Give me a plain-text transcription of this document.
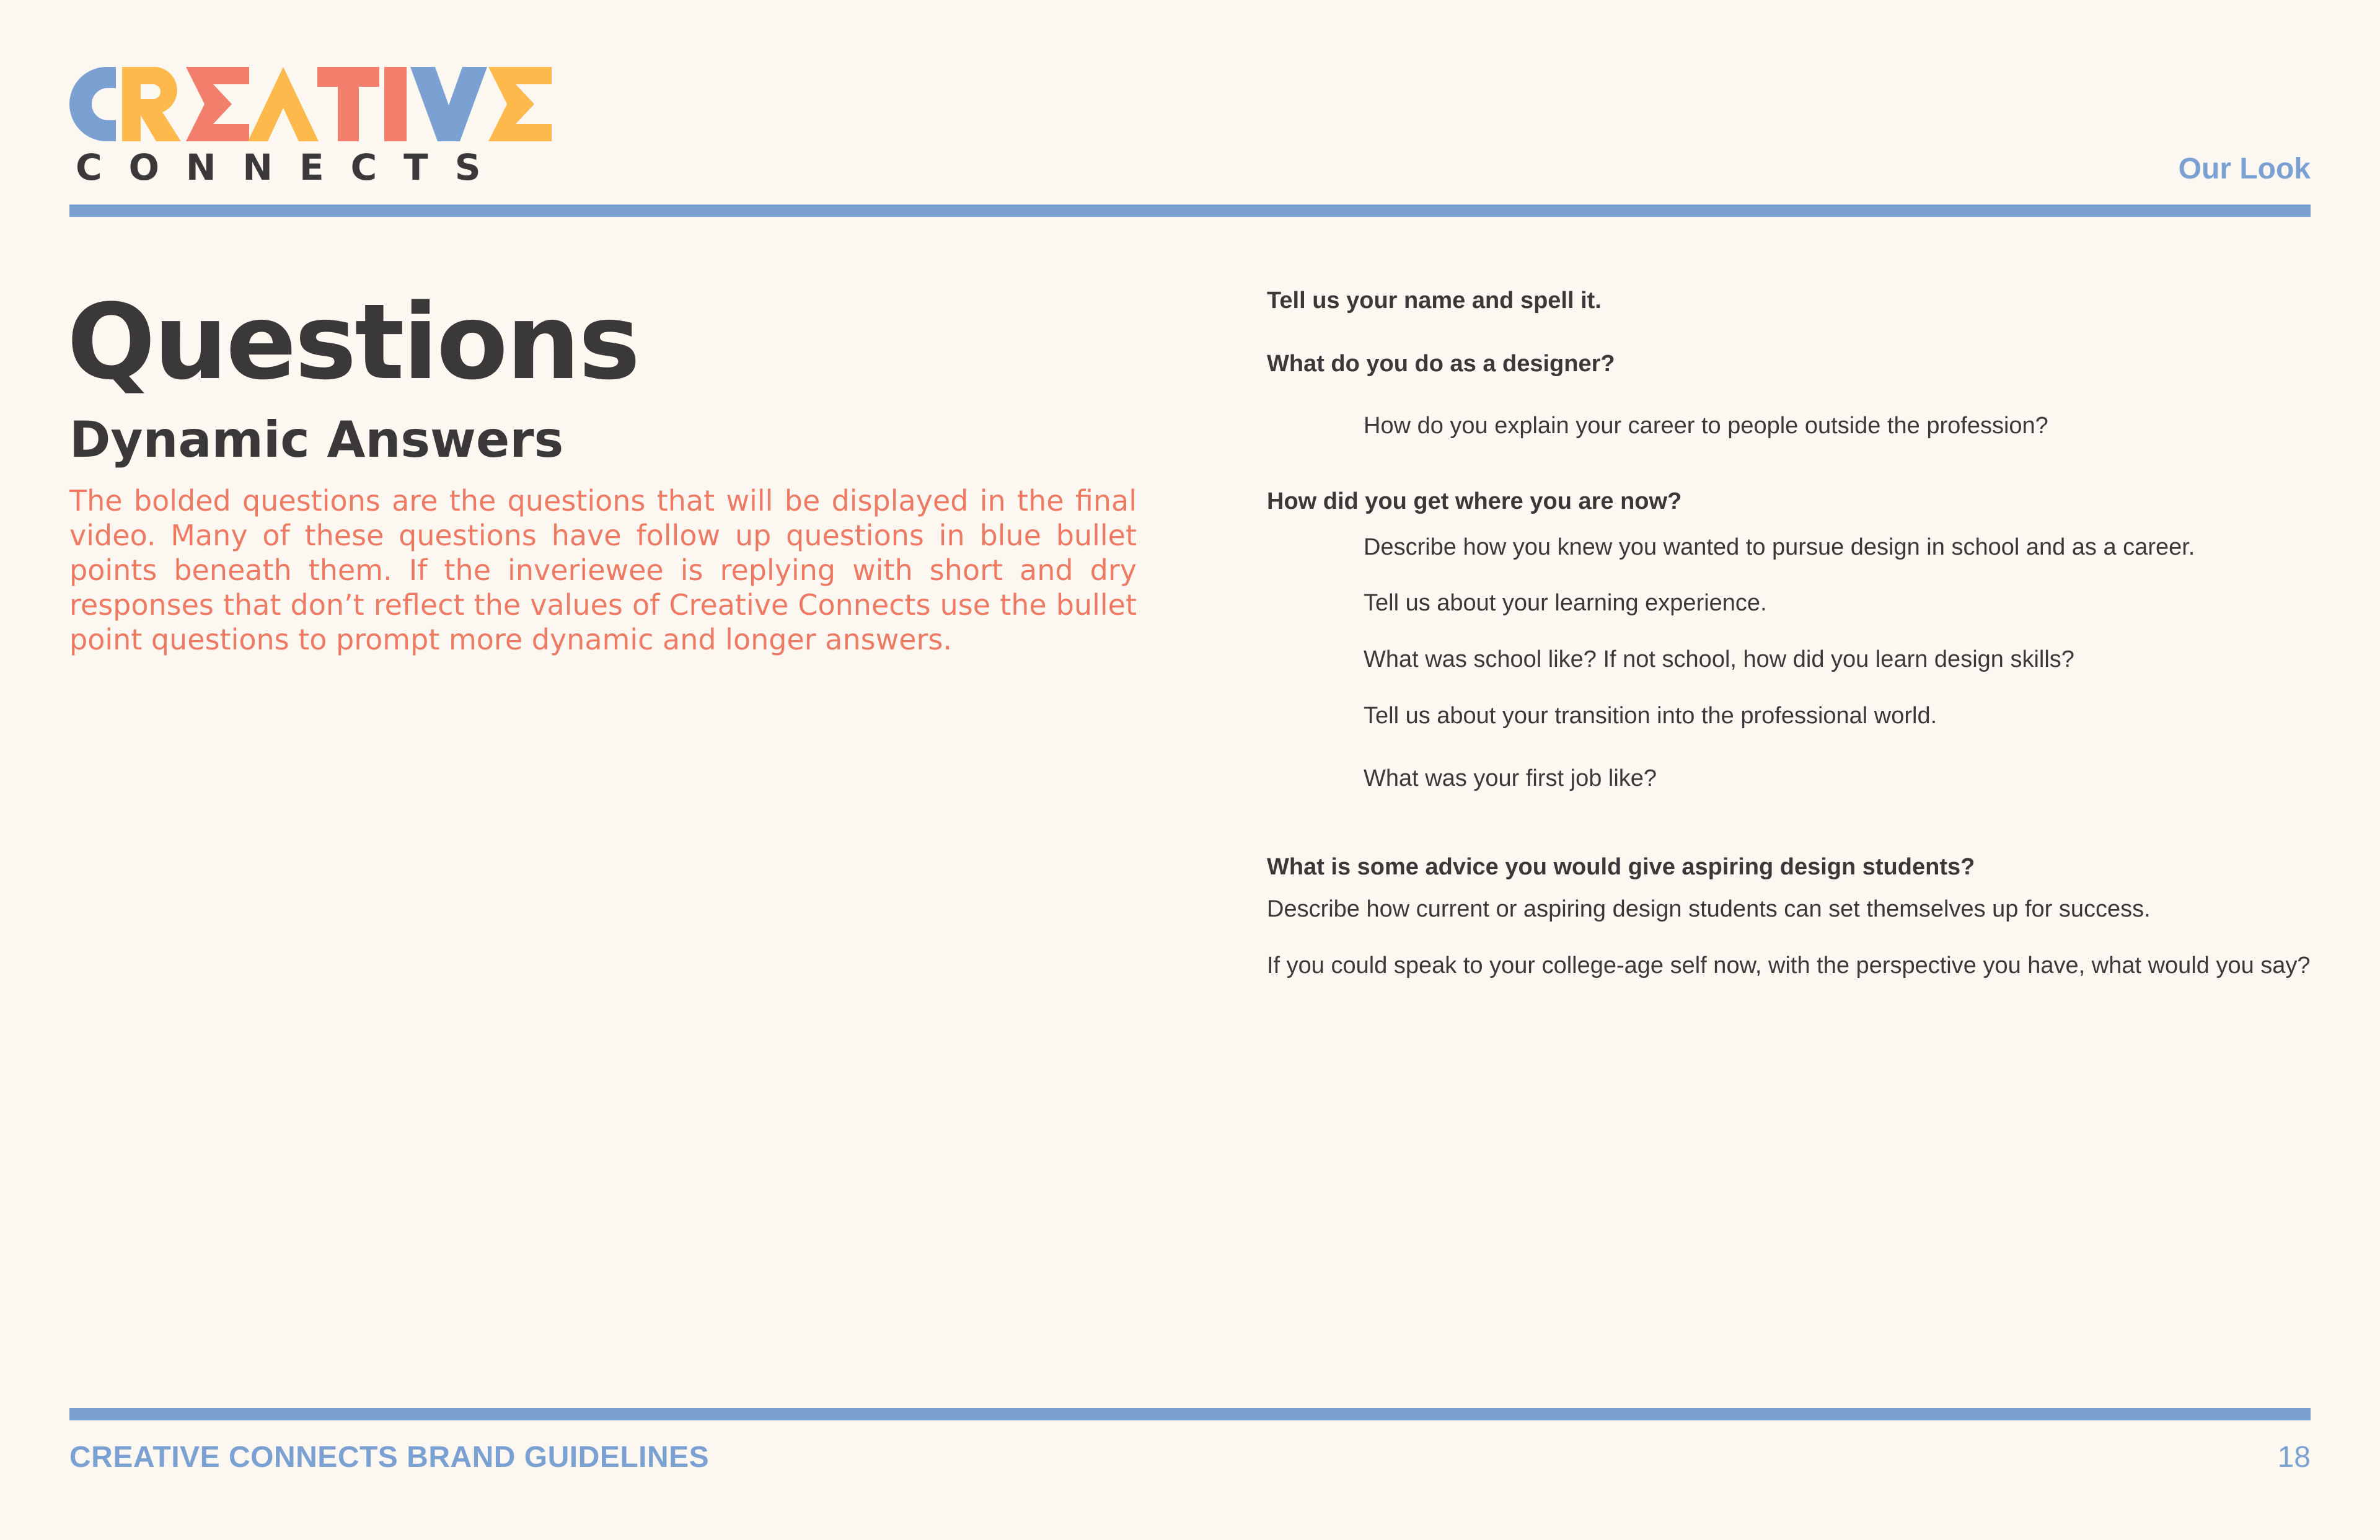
CONNECTS	Our Look
Questions
Dynamic Answers

The bolded questions are the questions that will be displayed in the final video. Many of these questions have follow up questions in blue bullet points beneath them. If the inveriewee is replying with short and dry responses that don’t reflect the values of Creative Connects use the bullet point questions to prompt more dynamic and longer answers.

Tell us your name and spell it.

What do you do as a designer?

How do you explain your career to people outside the profession?

How did you get where you are now?

Describe how you knew you wanted to pursue design in school and as a career.

Tell us about your learning experience.

What was school like? If not school, how did you learn design skills?

Tell us about your transition into the professional world.

What was your first job like?

What is some advice you would give aspiring design students?

Describe how current or aspiring design students can set themselves up for success.

If you could speak to your college-age self now, with the perspective you have, what would you say?

CREATIVE CONNECTS BRAND GUIDELINES	18
